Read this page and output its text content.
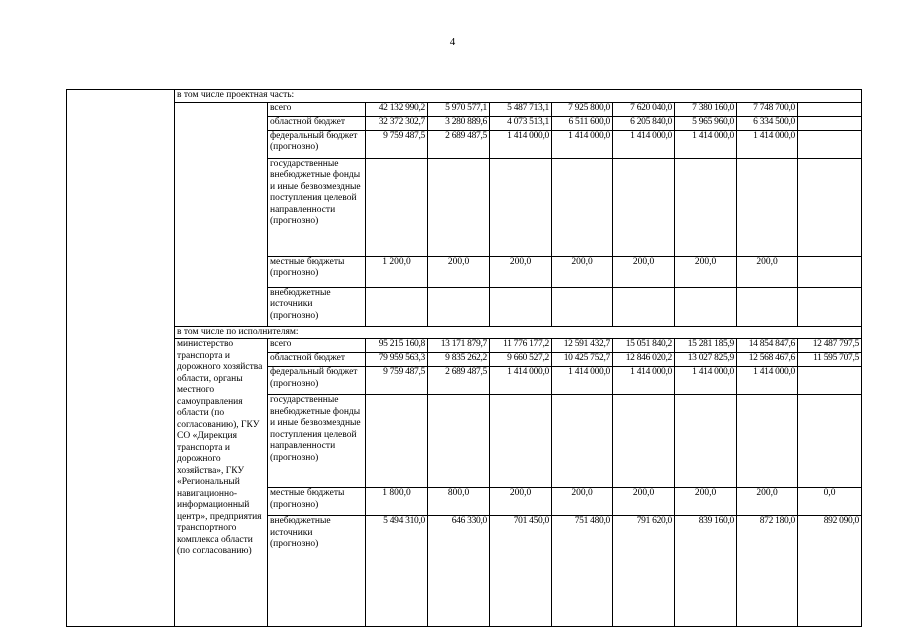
4
	в том числе проектная часть:									
		всего	42 132 990,2	5 970 577,1	5 487 713,1	7 925 800,0	7 620 040,0	7 380 160,0	7 748 700,0	
		областной бюджет	32 372 302,7	3 280 889,6	4 073 513,1	6 511 600,0	6 205 840,0	5 965 960,0	6 334 500,0	
		федеральный бюджет (прогнозно)	9 759 487,5	2 689 487,5	1 414 000,0	1 414 000,0	1 414 000,0	1 414 000,0	1 414 000,0	
		государственные внебюджетные фонды и иные безвозмездные поступления целевой направленности (прогнозно)								
		местные бюджеты (прогнозно)	1 200,0	200,0	200,0	200,0	200,0	200,0	200,0	
		внебюджетные источники (прогнозно)								
	в том числе по исполнителям:									
	министерство транспорта и дорожного хозяйства области, органы местного самоуправления области (по согласованию), ГКУ СО «Дирекция транспорта и дорожного хозяйства», ГКУ «Региональный навигационно-информационный центр», предприятия транспортного комплекса области (по согласованию)	всего	95 215 160,8	13 171 879,7	11 776 177,2	12 591 432,7	15 051 840,2	15 281 185,9	14 854 847,6	12 487 797,5
		областной бюджет	79 959 563,3	9 835 262,2	9 660 527,2	10 425 752,7	12 846 020,2	13 027 825,9	12 568 467,6	11 595 707,5
		федеральный бюджет (прогнозно)	9 759 487,5	2 689 487,5	1 414 000,0	1 414 000,0	1 414 000,0	1 414 000,0	1 414 000,0	
		государственные внебюджетные фонды и иные безвозмездные поступления целевой направленности (прогнозно)								
		местные бюджеты (прогнозно)	1 800,0	800,0	200,0	200,0	200,0	200,0	200,0	0,0
		внебюджетные источники (прогнозно)	5 494 310,0	646 330,0	701 450,0	751 480,0	791 620,0	839 160,0	872 180,0	892 090,0
